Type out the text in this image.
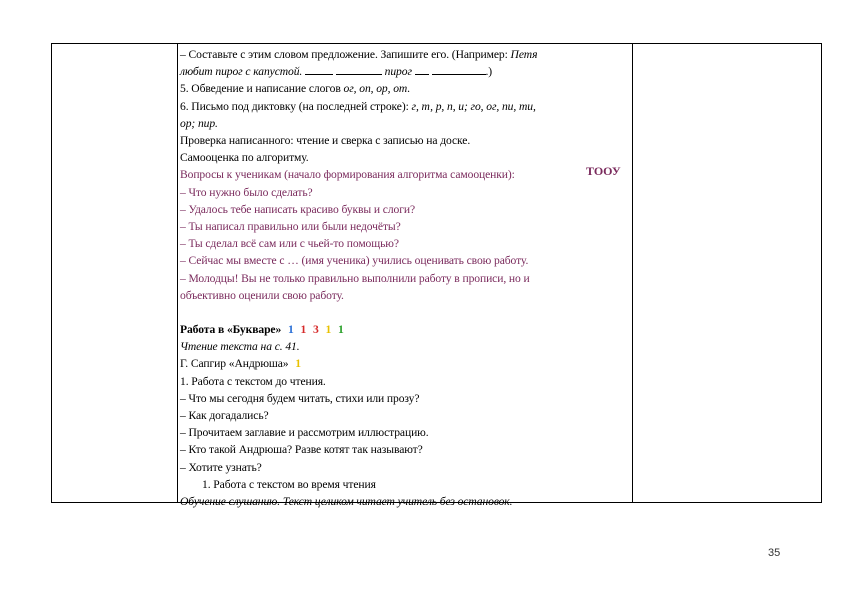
– Составьте с этим словом предложение. Запишите его. (Например: Петя
любит пирог с капустой.	пирог	.)
5. Обведение и написание слогов ог, оп, ор, от.
6. Письмо под диктовку (на последней строке): г, т, р, п, и; го, ог, пи, ти,
ор; пир.
Проверка написанного: чтение и сверка с записью на доске.
Самооценка по алгоритму.
Вопросы к ученикам (начало формирования алгоритма самооценки):
– Что нужно было сделать?
– Удалось тебе написать красиво буквы и слоги?
– Ты написал правильно или были недочёты?
– Ты сделал всё сам или с чьей-то помощью?
– Сейчас мы вместе с … (имя ученика) учились оценивать свою работу.
– Молодцы! Вы не только правильно выполнили работу в прописи, но и
объективно оценили свою работу.
Работа в «Букваре» 1 1 3 1 1
Чтение текста на с. 41.
Г. Сапгир «Андрюша» 1
1. Работа с текстом до чтения.
– Что мы сегодня будем читать, стихи или прозу?
– Как догадались?
– Прочитаем заглавие и рассмотрим иллюстрацию.
– Кто такой Андрюша? Разве котят так называют?
– Хотите узнать?
1. Работа с текстом во время чтения
Обучение слушанию. Текст целиком читает учитель без остановок.
ТООУ
35
